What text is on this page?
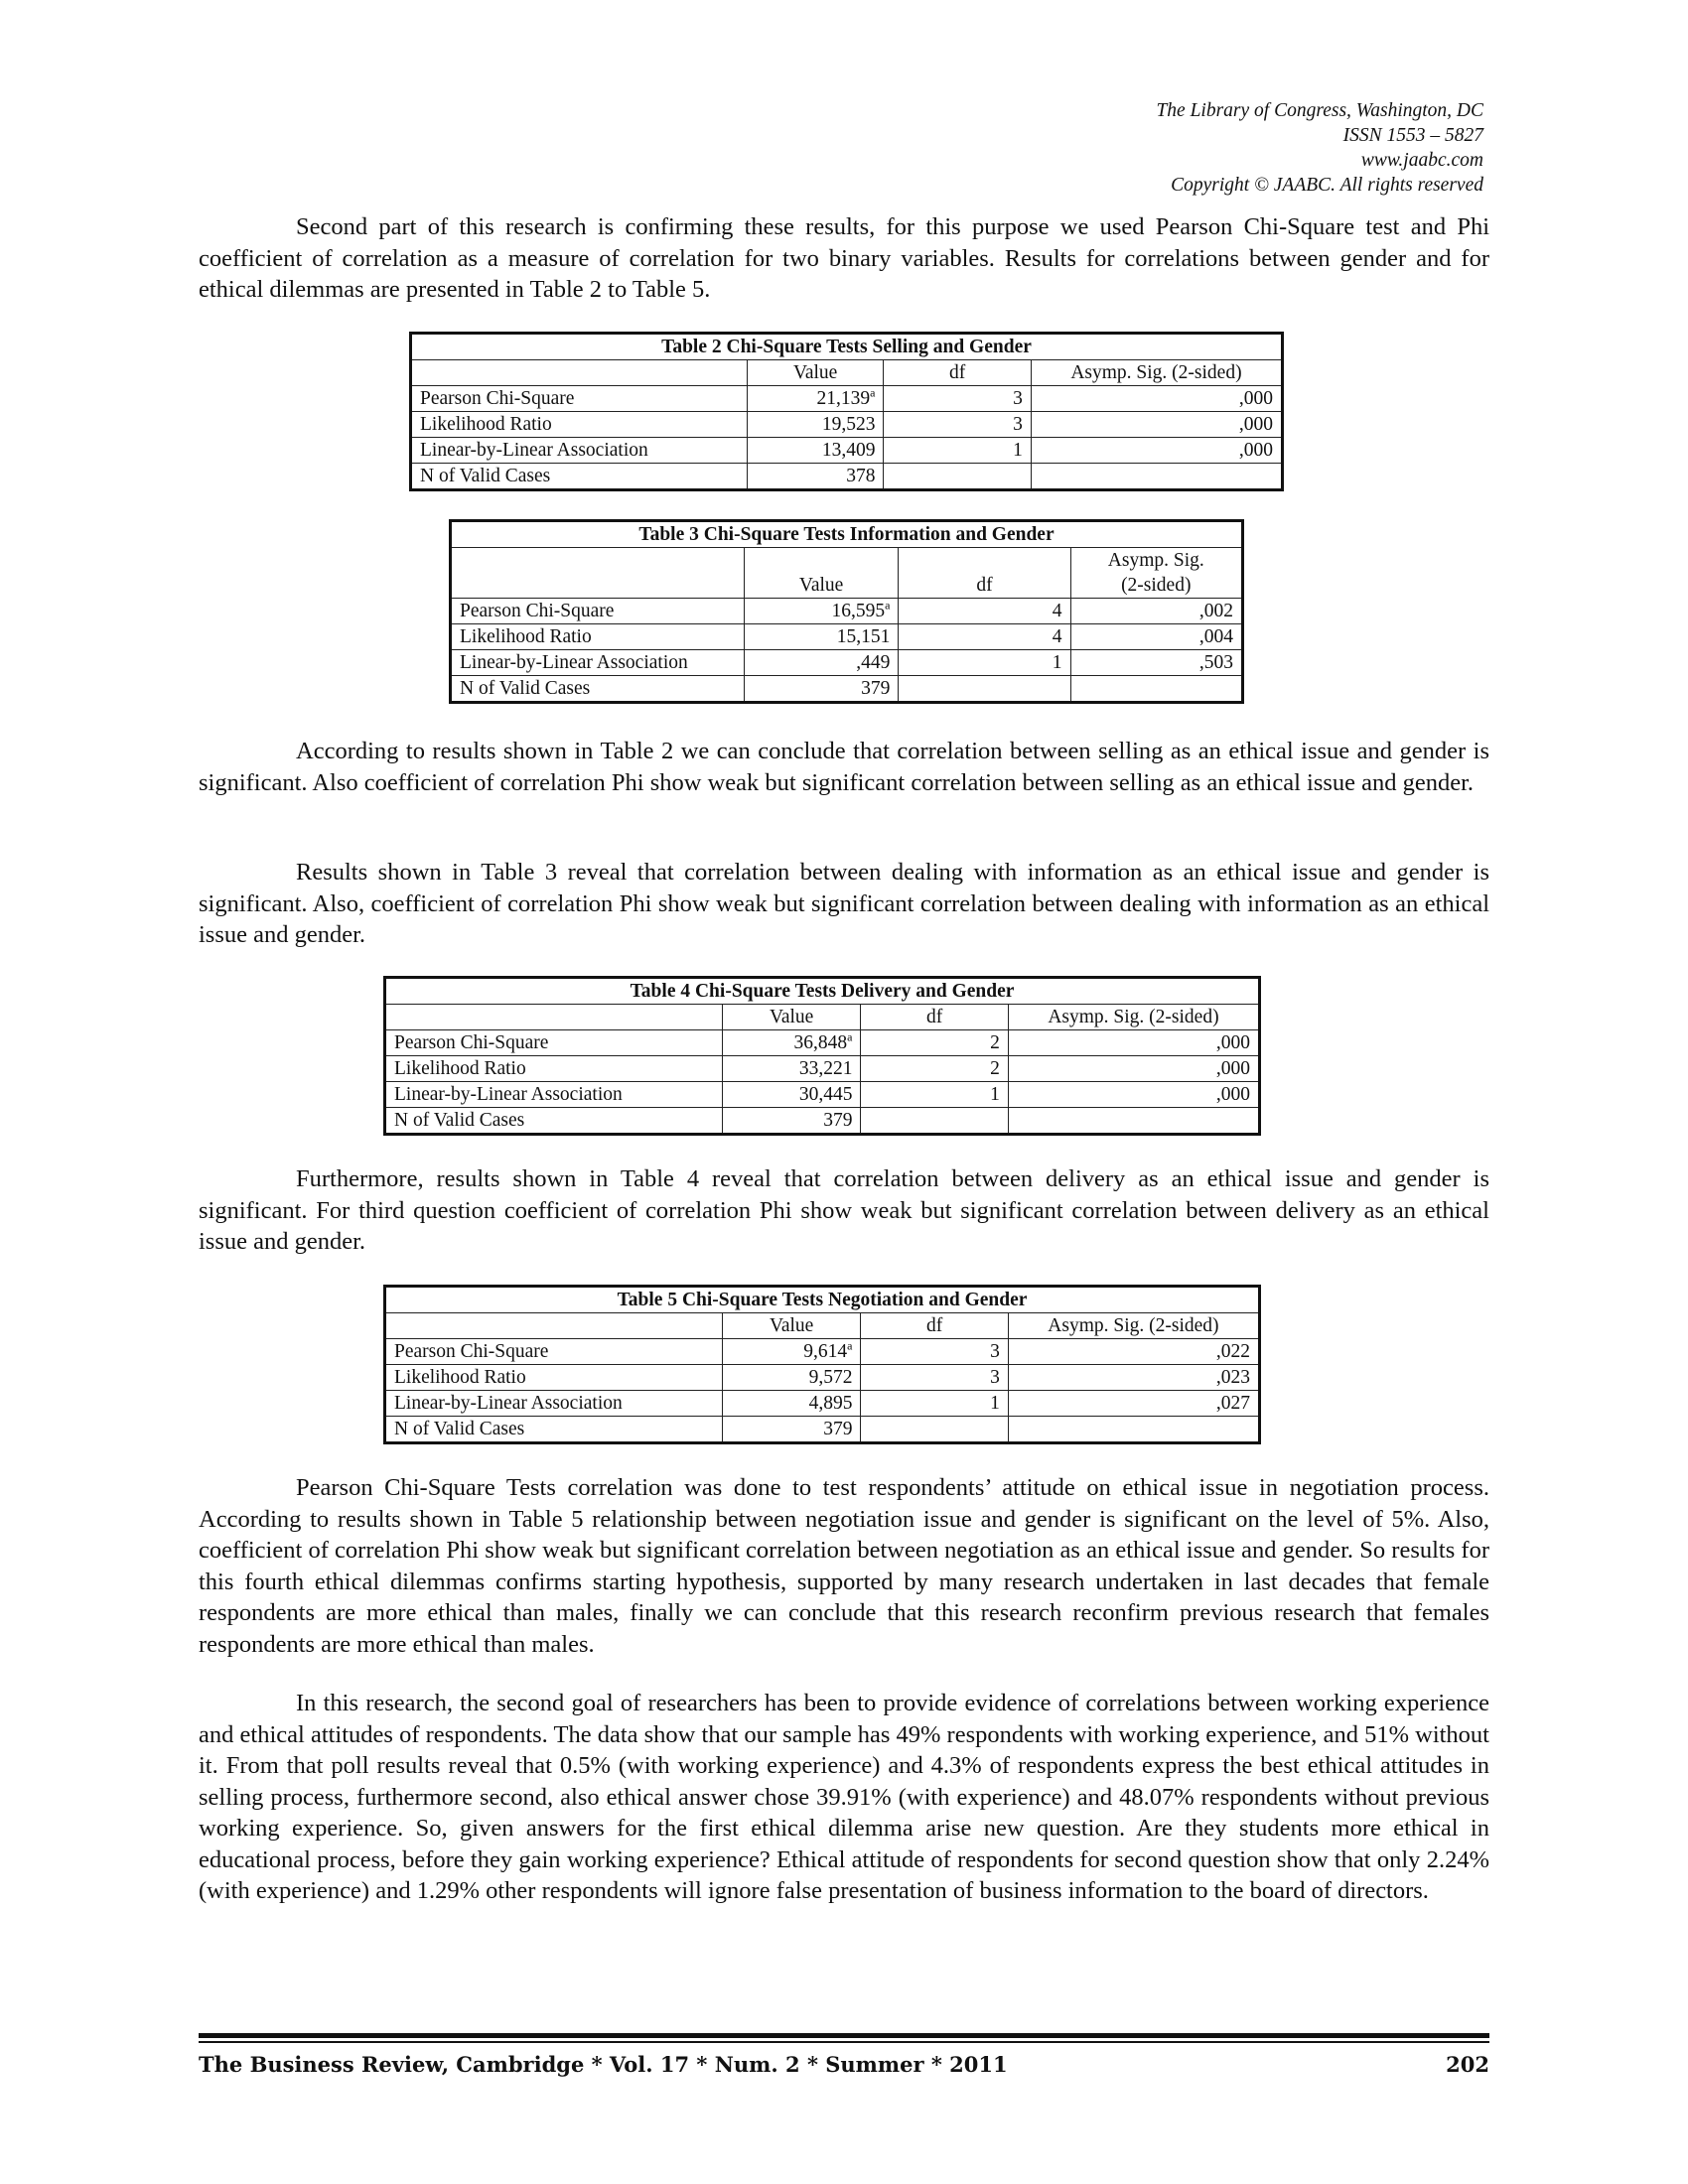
The Library of Congress, Washington, DC
ISSN 1553 – 5827
www.jaabc.com
Copyright © JAABC. All rights reserved

Second part of this research is confirming these results, for this purpose we used Pearson Chi-Square test and Phi coefficient of correlation as a measure of correlation for two binary variables. Results for correlations between gender and for ethical dilemmas are presented in Table 2 to Table 5.

Table 2 Chi-Square Tests Selling and Gender			
	Value	df	Asymp. Sig. (2-sided)
Pearson Chi-Square	21,139$^a$	3	,000
Likelihood Ratio	19,523	3	,000
Linear-by-Linear Association	13,409	1	,000
N of Valid Cases	378		
Table 3 Chi-Square Tests Information and Gender			
	Value	df	Asymp. Sig.
			(2-sided)
Pearson Chi-Square	16,595$^a$	4	,002
Likelihood Ratio	15,151	4	,004
Linear-by-Linear Association	,449	1	,503
N of Valid Cases	379		

According to results shown in Table 2 we can conclude that correlation between selling as an ethical issue and gender is significant. Also coefficient of correlation Phi show weak but significant correlation between selling as an ethical issue and gender.

Results shown in Table 3 reveal that correlation between dealing with information as an ethical issue and gender is significant. Also, coefficient of correlation Phi show weak but significant correlation between dealing with information as an ethical issue and gender.

Table 4 Chi-Square Tests Delivery and Gender			
	Value	df	Asymp. Sig. (2-sided)
Pearson Chi-Square	36,848$^a$	2	,000
Likelihood Ratio	33,221	2	,000
Linear-by-Linear Association	30,445	1	,000
N of Valid Cases	379		

Furthermore, results shown in Table 4 reveal that correlation between delivery as an ethical issue and gender is significant. For third question coefficient of correlation Phi show weak but significant correlation between delivery as an ethical issue and gender.

Table 5 Chi-Square Tests Negotiation and Gender			
	Value	df	Asymp. Sig. (2-sided)
Pearson Chi-Square	9,614$^a$	3	,022
Likelihood Ratio	9,572	3	,023
Linear-by-Linear Association	4,895	1	,027
N of Valid Cases	379		

Pearson Chi-Square Tests correlation was done to test respondents’ attitude on ethical issue in negotiation process. According to results shown in Table 5 relationship between negotiation issue and gender is significant on the level of 5%. Also, coefficient of correlation Phi show weak but significant correlation between negotiation as an ethical issue and gender. So results for this fourth ethical dilemmas confirms starting hypothesis, supported by many research undertaken in last decades that female respondents are more ethical than males, finally we can conclude that this research reconfirm previous research that females respondents are more ethical than males.

In this research, the second goal of researchers has been to provide evidence of correlations between working experience and ethical attitudes of respondents. The data show that our sample has 49% respondents with working experience, and 51% without it. From that poll results reveal that 0.5% (with working experience) and 4.3% of respondents express the best ethical attitudes in selling process, furthermore second, also ethical answer chose 39.91% (with experience) and 48.07% respondents without previous working experience. So, given answers for the first ethical dilemma arise new question. Are they students more ethical in educational process, before they gain working experience? Ethical attitude of respondents for second question show that only 2.24% (with experience) and 1.29% other respondents will ignore false presentation of business information to the board of directors.

The Business Review, Cambridge * Vol. 17 * Num. 2 * Summer * 2011	202
